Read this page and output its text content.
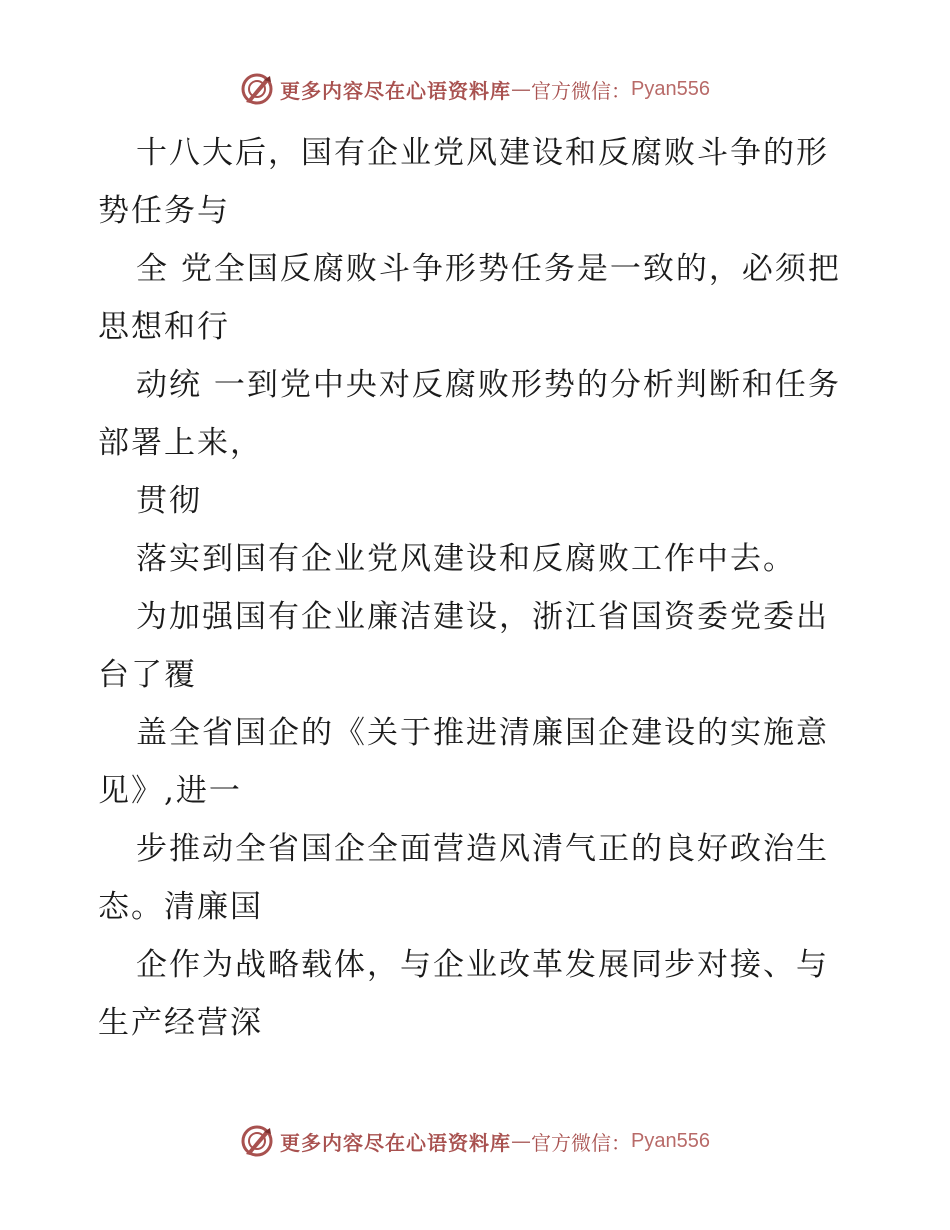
更多内容尽在心语资料库 — 官方微信： Pyan556

十八大后，国有企业党风建设和反腐败斗争的形势任务与

全 党全国反腐败斗争形势任务是一致的，必须把思想和行

动统 一到党中央对反腐败形势的分析判断和任务部署上来，

贯彻

落实到国有企业党风建设和反腐败工作中去。

为加强国有企业廉洁建设，浙江省国资委党委出台了覆

盖全省国企的《关于推进清廉国企建设的实施意见》,进一

步推动全省国企全面营造风清气正的良好政治生态。清廉国

企作为战略载体，与企业改革发展同步对接、与生产经营深

更多内容尽在心语资料库 — 官方微信： Pyan556
